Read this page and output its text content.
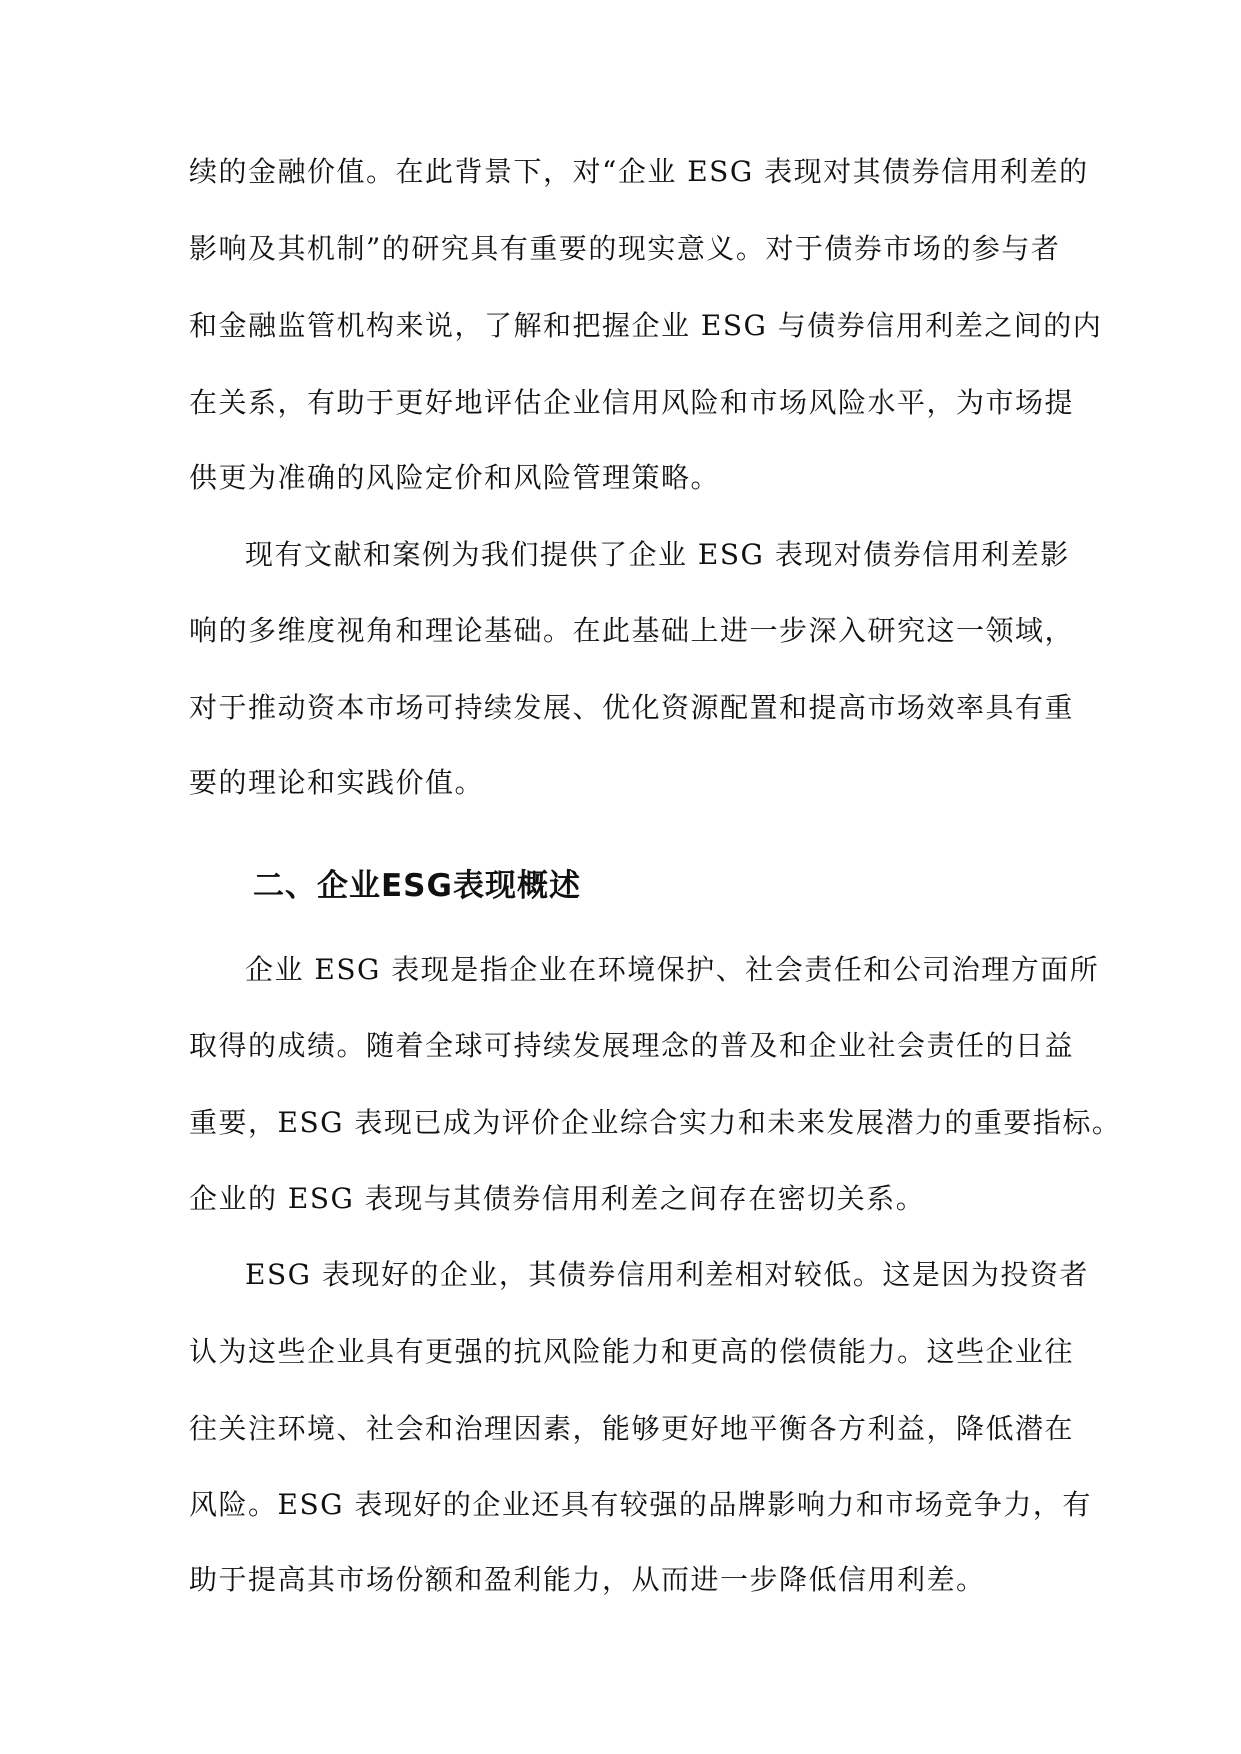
续的金融价值。在此背景下，对“企业 ESG 表现对其债券信用利差的
影响及其机制”的研究具有重要的现实意义。对于债券市场的参与者
和金融监管机构来说，了解和把握企业 ESG 与债券信用利差之间的内
在关系，有助于更好地评估企业信用风险和市场风险水平，为市场提
供更为准确的风险定价和风险管理策略。
现有文献和案例为我们提供了企业 ESG 表现对债券信用利差影
响的多维度视角和理论基础。在此基础上进一步深入研究这一领域，
对于推动资本市场可持续发展、优化资源配置和提高市场效率具有重
要的理论和实践价值。
二、企业ESG表现概述
企业 ESG 表现是指企业在环境保护、社会责任和公司治理方面所
取得的成绩。随着全球可持续发展理念的普及和企业社会责任的日益
重要，ESG 表现已成为评价企业综合实力和未来发展潜力的重要指标。
企业的 ESG 表现与其债券信用利差之间存在密切关系。
ESG 表现好的企业，其债券信用利差相对较低。这是因为投资者
认为这些企业具有更强的抗风险能力和更高的偿债能力。这些企业往
往关注环境、社会和治理因素，能够更好地平衡各方利益，降低潜在
风险。ESG 表现好的企业还具有较强的品牌影响力和市场竞争力，有
助于提高其市场份额和盈利能力，从而进一步降低信用利差。
